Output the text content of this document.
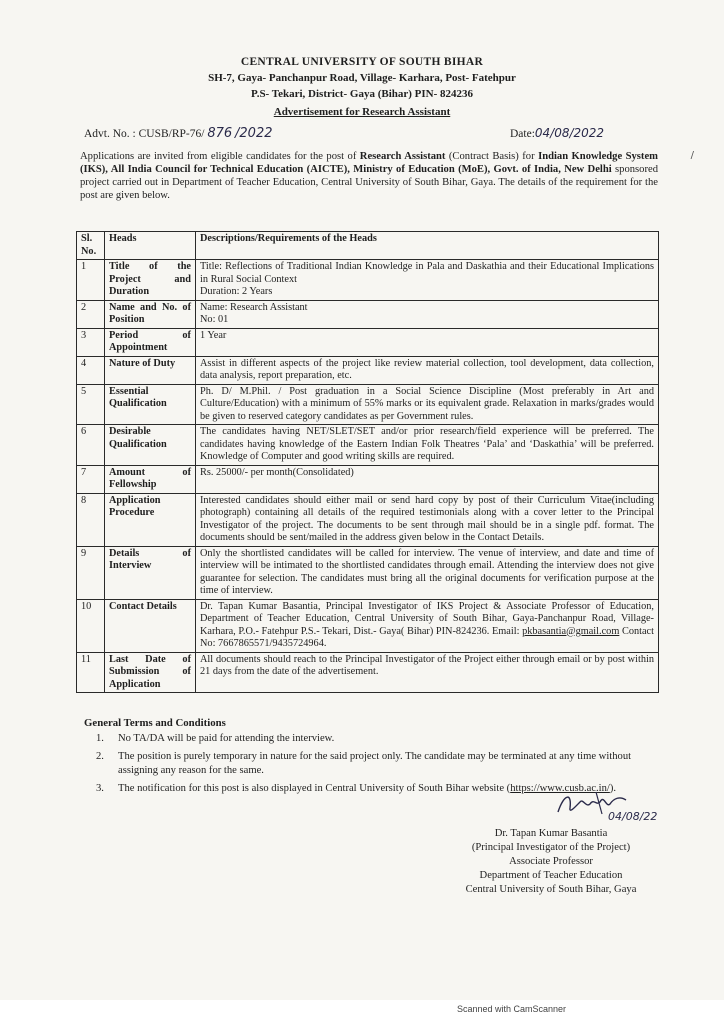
CENTRAL UNIVERSITY OF SOUTH BIHAR
SH-7, Gaya- Panchanpur Road, Village- Karhara, Post- Fatehpur
P.S- Tekari, District- Gaya (Bihar) PIN- 824236
Advertisement for Research Assistant
Advt. No. : CUSB/RP-76/ 876 /2022	Date:04/08/2022
/
Applications are invited from eligible candidates for the post of Research Assistant (Contract Basis) for Indian Knowledge System (IKS), All India Council for Technical Education (AICTE), Ministry of Education (MoE), Govt. of India, New Delhi sponsored project carried out in Department of Teacher Education, Central University of South Bihar, Gaya. The details of the requirement for the post are given below.
Sl. No.	Heads	Descriptions/Requirements of the Heads
1	Title of the Project and Duration	Title: Reflections of Traditional Indian Knowledge in Pala and Daskathia and their Educational Implications in Rural Social Context
Duration: 2 Years

2	Name and No. of Position	Name: Research Assistant
No: 01

3	Period of Appointment	1 Year
4	Nature of Duty	Assist in different aspects of the project like review material collection, tool development, data collection, data analysis, report preparation, etc.
5	Essential Qualification	Ph. D/ M.Phil. / Post graduation in a Social Science Discipline (Most preferably in Art and Culture/Education) with a minimum of 55% marks or its equivalent grade. Relaxation in marks/grades would be given to reserved category candidates as per Government rules.
6	Desirable Qualification	The candidates having NET/SLET/SET and/or prior research/field experience will be preferred. The candidates having knowledge of the Eastern Indian Folk Theatres ‘Pala’ and ‘Daskathia’ will be preferred. Knowledge of Computer and good writing skills are required.
7	Amount of Fellowship	Rs. 25000/- per month(Consolidated)
8	Application Procedure	Interested candidates should either mail or send hard copy by post of their Curriculum Vitae(including photograph) containing all details of the required testimonials along with a cover letter to the Principal Investigator of the project. The documents to be sent through mail should be in a single pdf. format. The documents should be sent/mailed in the address given below in the Contact Details.
9	Details of Interview	Only the shortlisted candidates will be called for interview. The venue of interview, and date and time of interview will be intimated to the shortlisted candidates through email. Attending the interview does not give guarantee for selection. The candidates must bring all the original documents for verification purpose at the time of interview.
10	Contact Details	Dr. Tapan Kumar Basantia, Principal Investigator of IKS Project & Associate Professor of Education, Department of Teacher Education, Central University of South Bihar, Gaya-Panchanpur Road, Village- Karhara, P.O.- Fatehpur P.S.- Tekari, Dist.- Gaya( Bihar) PIN-824236. Email: pkbasantia@gmail.com Contact No: 7667865571/9435724964.
11	Last Date of Submission of Application	All documents should reach to the Principal Investigator of the Project either through email or by post within 21 days from the date of the advertisement.
General Terms and Conditions
1. No TA/DA will be paid for attending the interview.
2. The position is purely temporary in nature for the said project only. The candidate may be terminated at any time without assigning any reason for the same.
3. The notification for this post is also displayed in Central University of South Bihar website (https://www.cusb.ac.in/).
04/08/22
Dr. Tapan Kumar Basantia
(Principal Investigator of the Project)
Associate Professor
Department of Teacher Education
Central University of South Bihar, Gaya
Scanned with CamScanner
